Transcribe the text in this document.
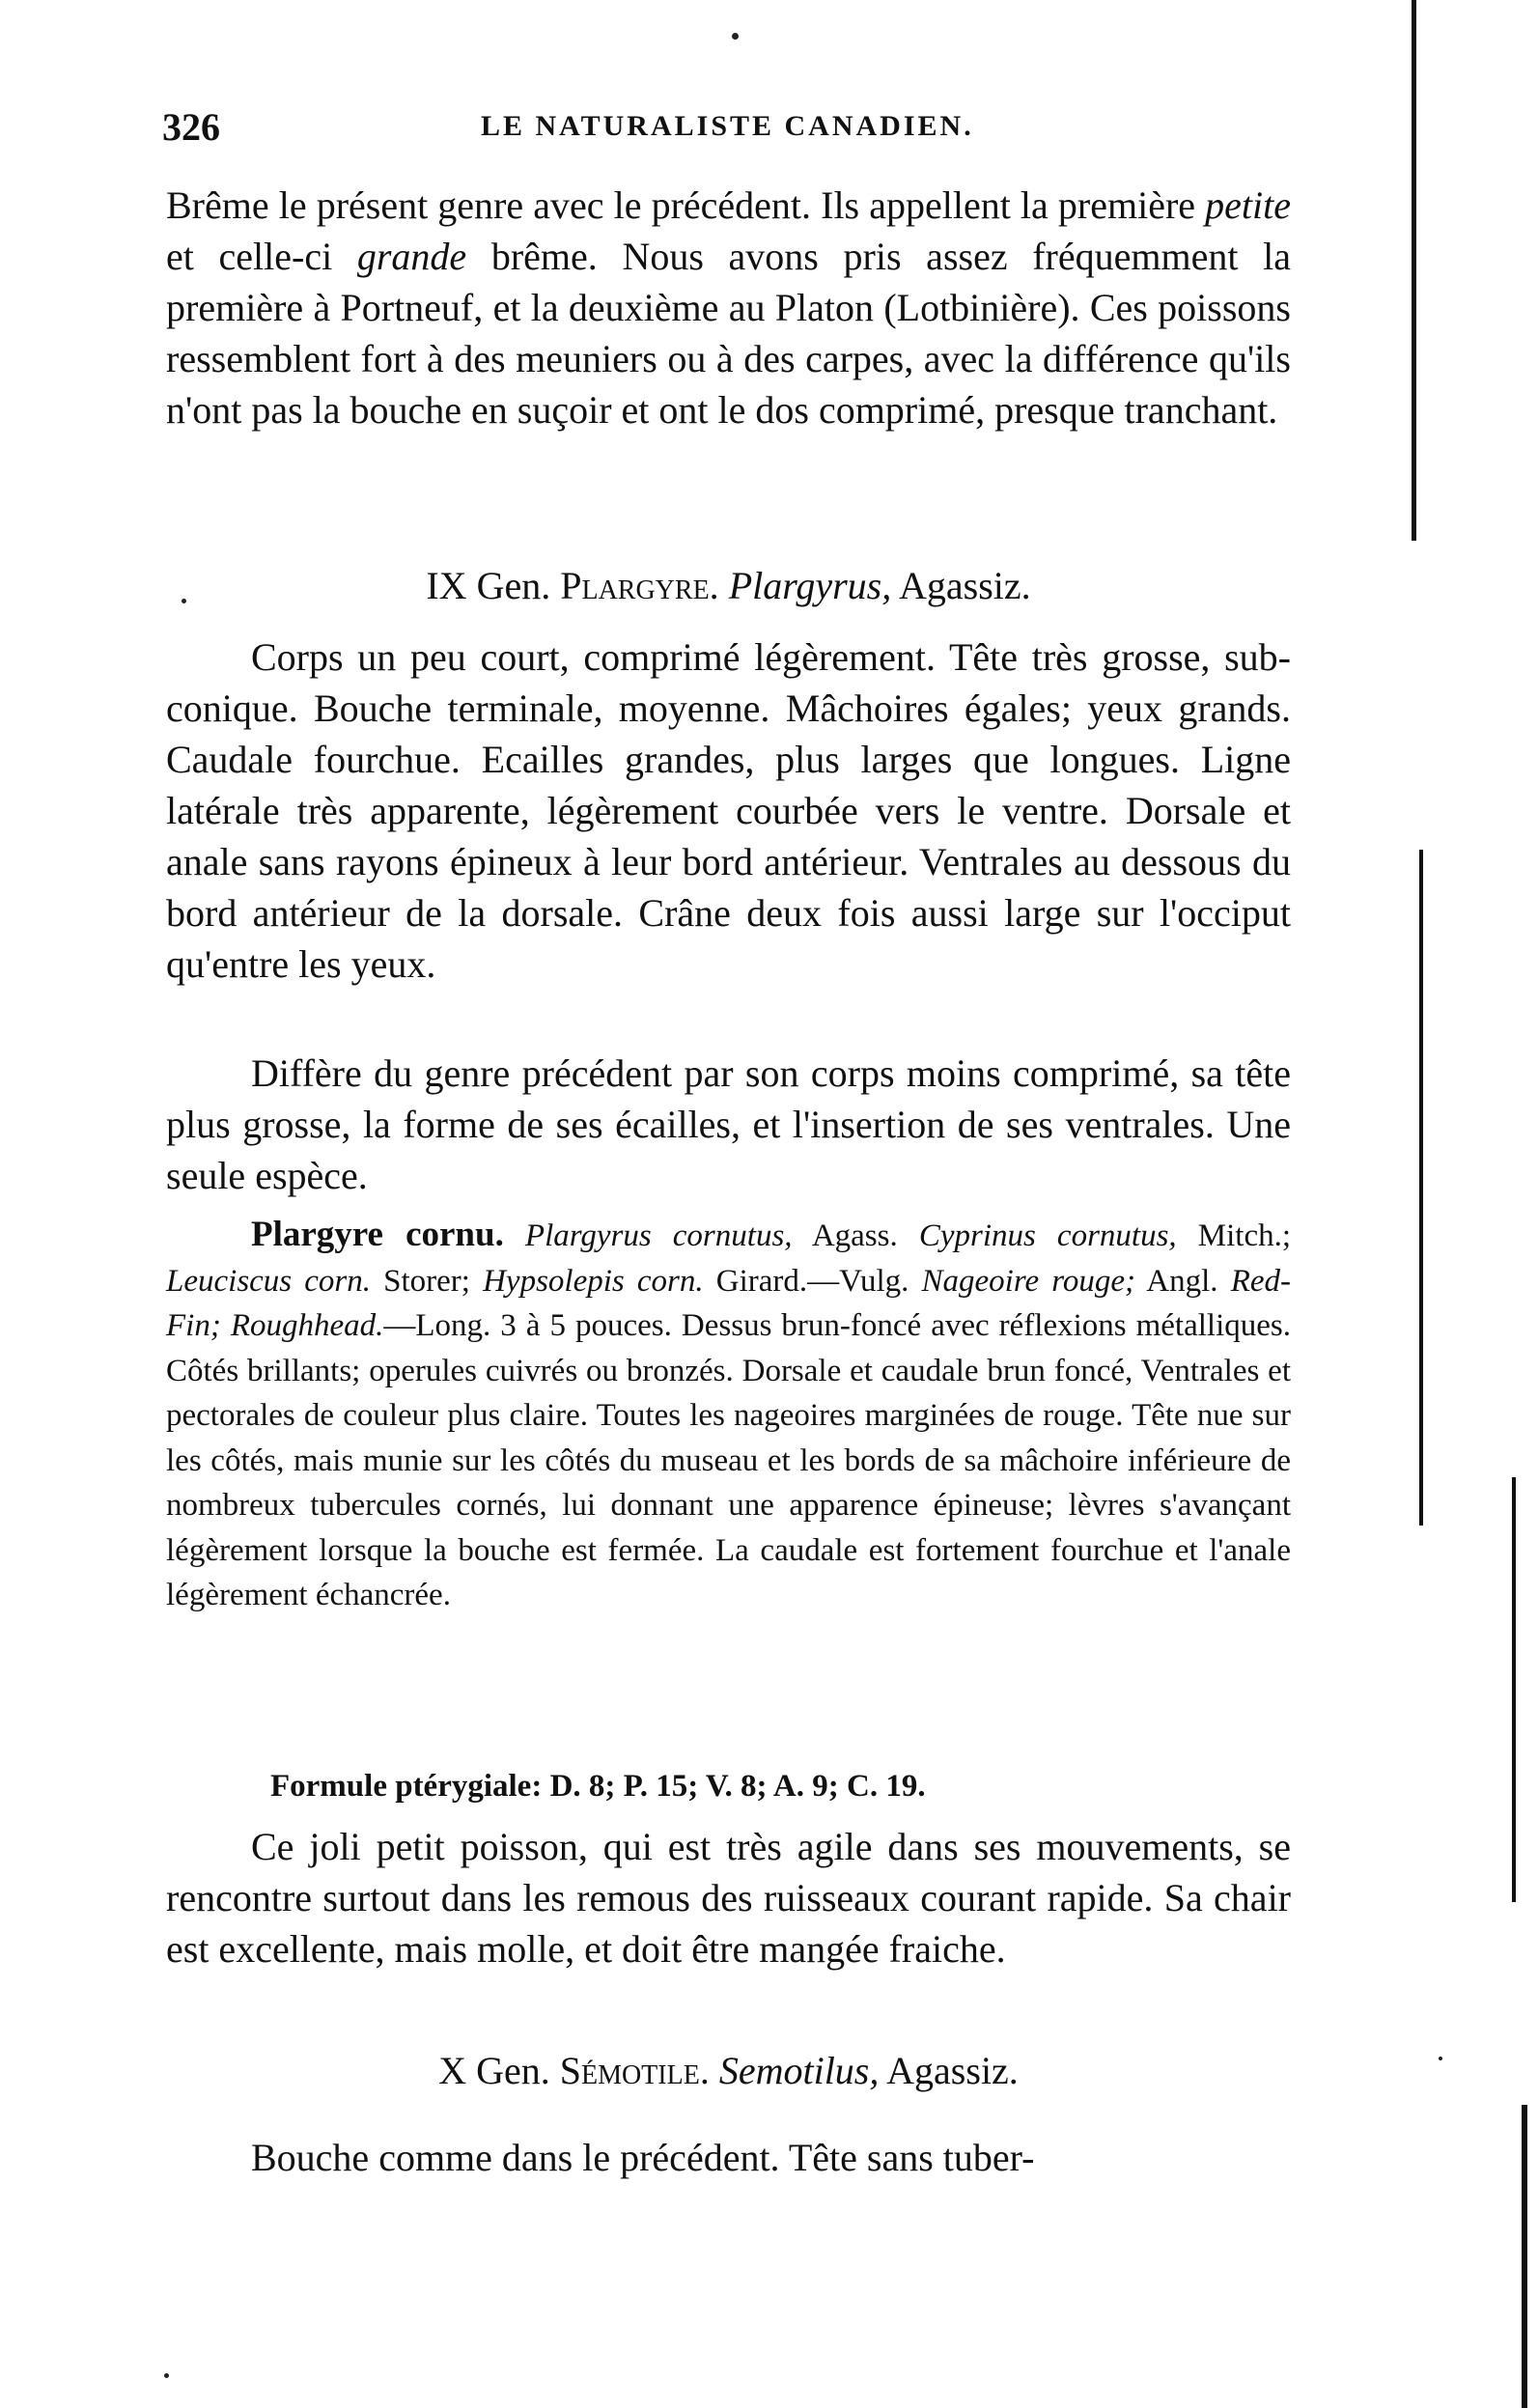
326	LE NATURALISTE CANADIEN.

Brême le présent genre avec le précédent. Ils appellent la première petite et celle-ci grande brême. Nous avons pris assez fréquemment la première à Portneuf, et la deuxième au Platon (Lotbinière). Ces poissons ressemblent fort à des meuniers ou à des carpes, avec la différence qu'ils n'ont pas la bouche en suçoir et ont le dos comprimé, presque tranchant.

IX Gen. Plargyre. Plargyrus, Agassiz.

Corps un peu court, comprimé légèrement. Tête très grosse, sub-conique. Bouche terminale, moyenne. Mâchoires égales; yeux grands. Caudale fourchue. Ecailles grandes, plus larges que longues. Ligne latérale très apparente, légèrement courbée vers le ventre. Dorsale et anale sans rayons épineux à leur bord antérieur. Ventrales au dessous du bord antérieur de la dorsale. Crâne deux fois aussi large sur l'occiput qu'entre les yeux.

Diffère du genre précédent par son corps moins comprimé, sa tête plus grosse, la forme de ses écailles, et l'insertion de ses ventrales. Une seule espèce.

Plargyre cornu. Plargyrus cornutus, Agass. Cyprinus cornutus, Mitch.; Leuciscus corn. Storer; Hypsolepis corn. Girard.—Vulg. Nageoire rouge; Angl. Red-Fin; Roughhead.—Long. 3 à 5 pouces. Dessus brun-foncé avec réflexions métalliques. Côtés brillants; operules cuivrés ou bronzés. Dorsale et caudale brun foncé, Ventrales et pectorales de couleur plus claire. Toutes les nageoires marginées de rouge. Tête nue sur les côtés, mais munie sur les côtés du museau et les bords de sa mâchoire inférieure de nombreux tubercules cornés, lui donnant une apparence épineuse; lèvres s'avançant légèrement lorsque la bouche est fermée. La caudale est fortement fourchue et l'anale légèrement échancrée.

Formule ptérygiale: D. 8; P. 15; V. 8; A. 9; C. 19.

Ce joli petit poisson, qui est très agile dans ses mouvements, se rencontre surtout dans les remous des ruisseaux courant rapide. Sa chair est excellente, mais molle, et doit être mangée fraiche.

X Gen. Sémotile. Semotilus, Agassiz.

Bouche comme dans le précédent. Tête sans tuber-
